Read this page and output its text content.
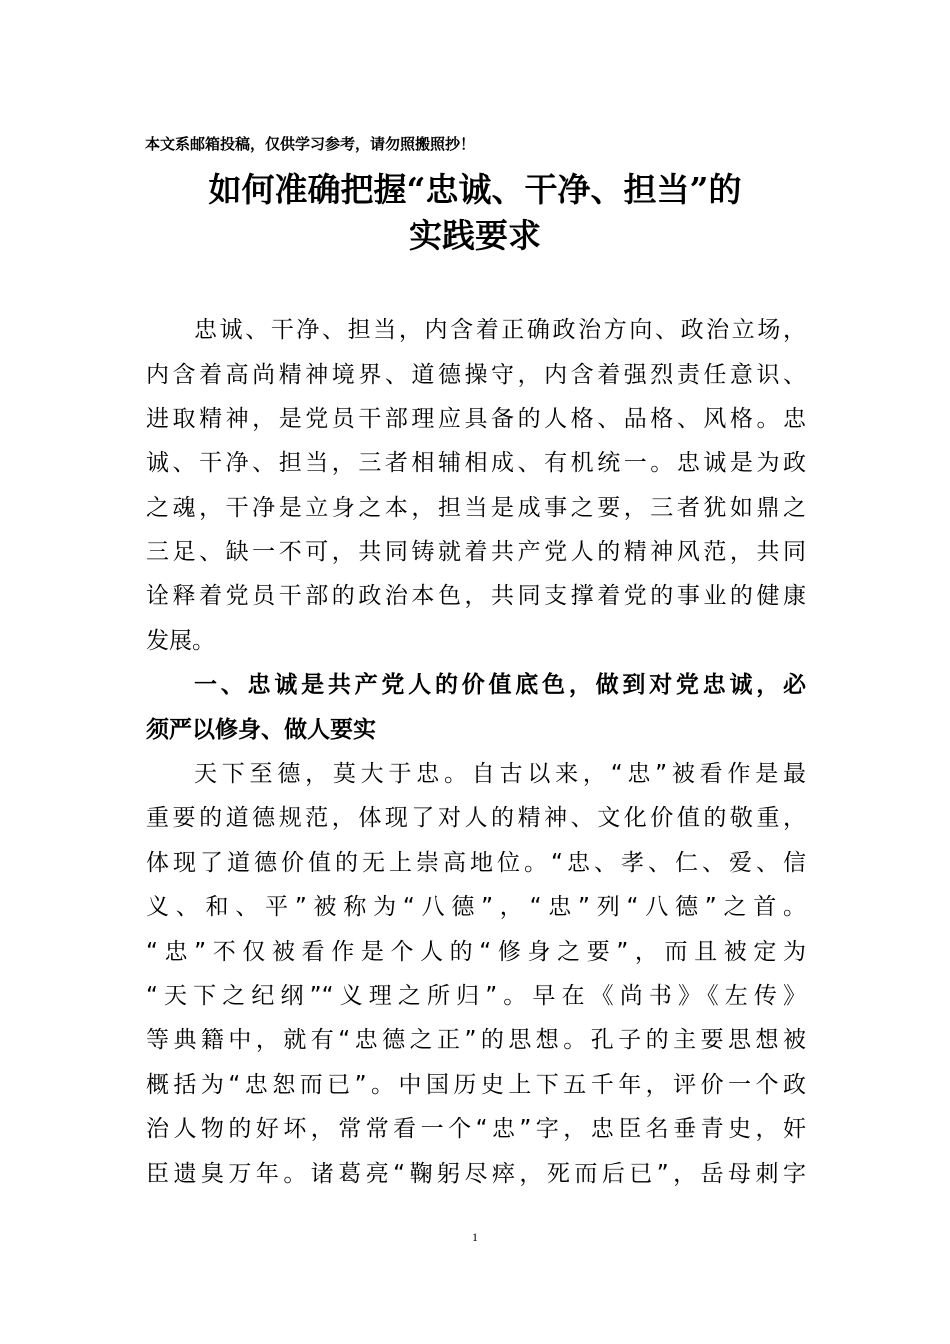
本文系邮箱投稿，仅供学习参考，请勿照搬照抄！
如何准确把握“忠诚、干净、担当”的
实践要求
忠诚、干净、担当，内含着正确政治方向、政治立场，
内含着高尚精神境界、道德操守，内含着强烈责任意识、
进取精神，是党员干部理应具备的人格、品格、风格。忠
诚、干净、担当，三者相辅相成、有机统一。忠诚是为政
之魂，干净是立身之本，担当是成事之要，三者犹如鼎之
三足、缺一不可，共同铸就着共产党人的精神风范，共同
诠释着党员干部的政治本色，共同支撑着党的事业的健康
发展。
一、忠诚是共产党人的价值底色，做到对党忠诚，必
须严以修身、做人要实
天下至德，莫大于忠。自古以来，“忠”被看作是最
重要的道德规范，体现了对人的精神、文化价值的敬重，
体现了道德价值的无上崇高地位。“忠、孝、仁、爱、信
义、和、平”被称为“八德”，“忠”列“八德”之首。
“忠”不仅被看作是个人的“修身之要”，而且被定为
“天下之纪纲”“义理之所归”。早在《尚书》《左传》
等典籍中，就有“忠德之正”的思想。孔子的主要思想被
概括为“忠恕而已”。中国历史上下五千年，评价一个政
治人物的好坏，常常看一个“忠”字，忠臣名垂青史，奸
臣遗臭万年。诸葛亮“鞠躬尽瘁，死而后已”，岳母刺字
1
